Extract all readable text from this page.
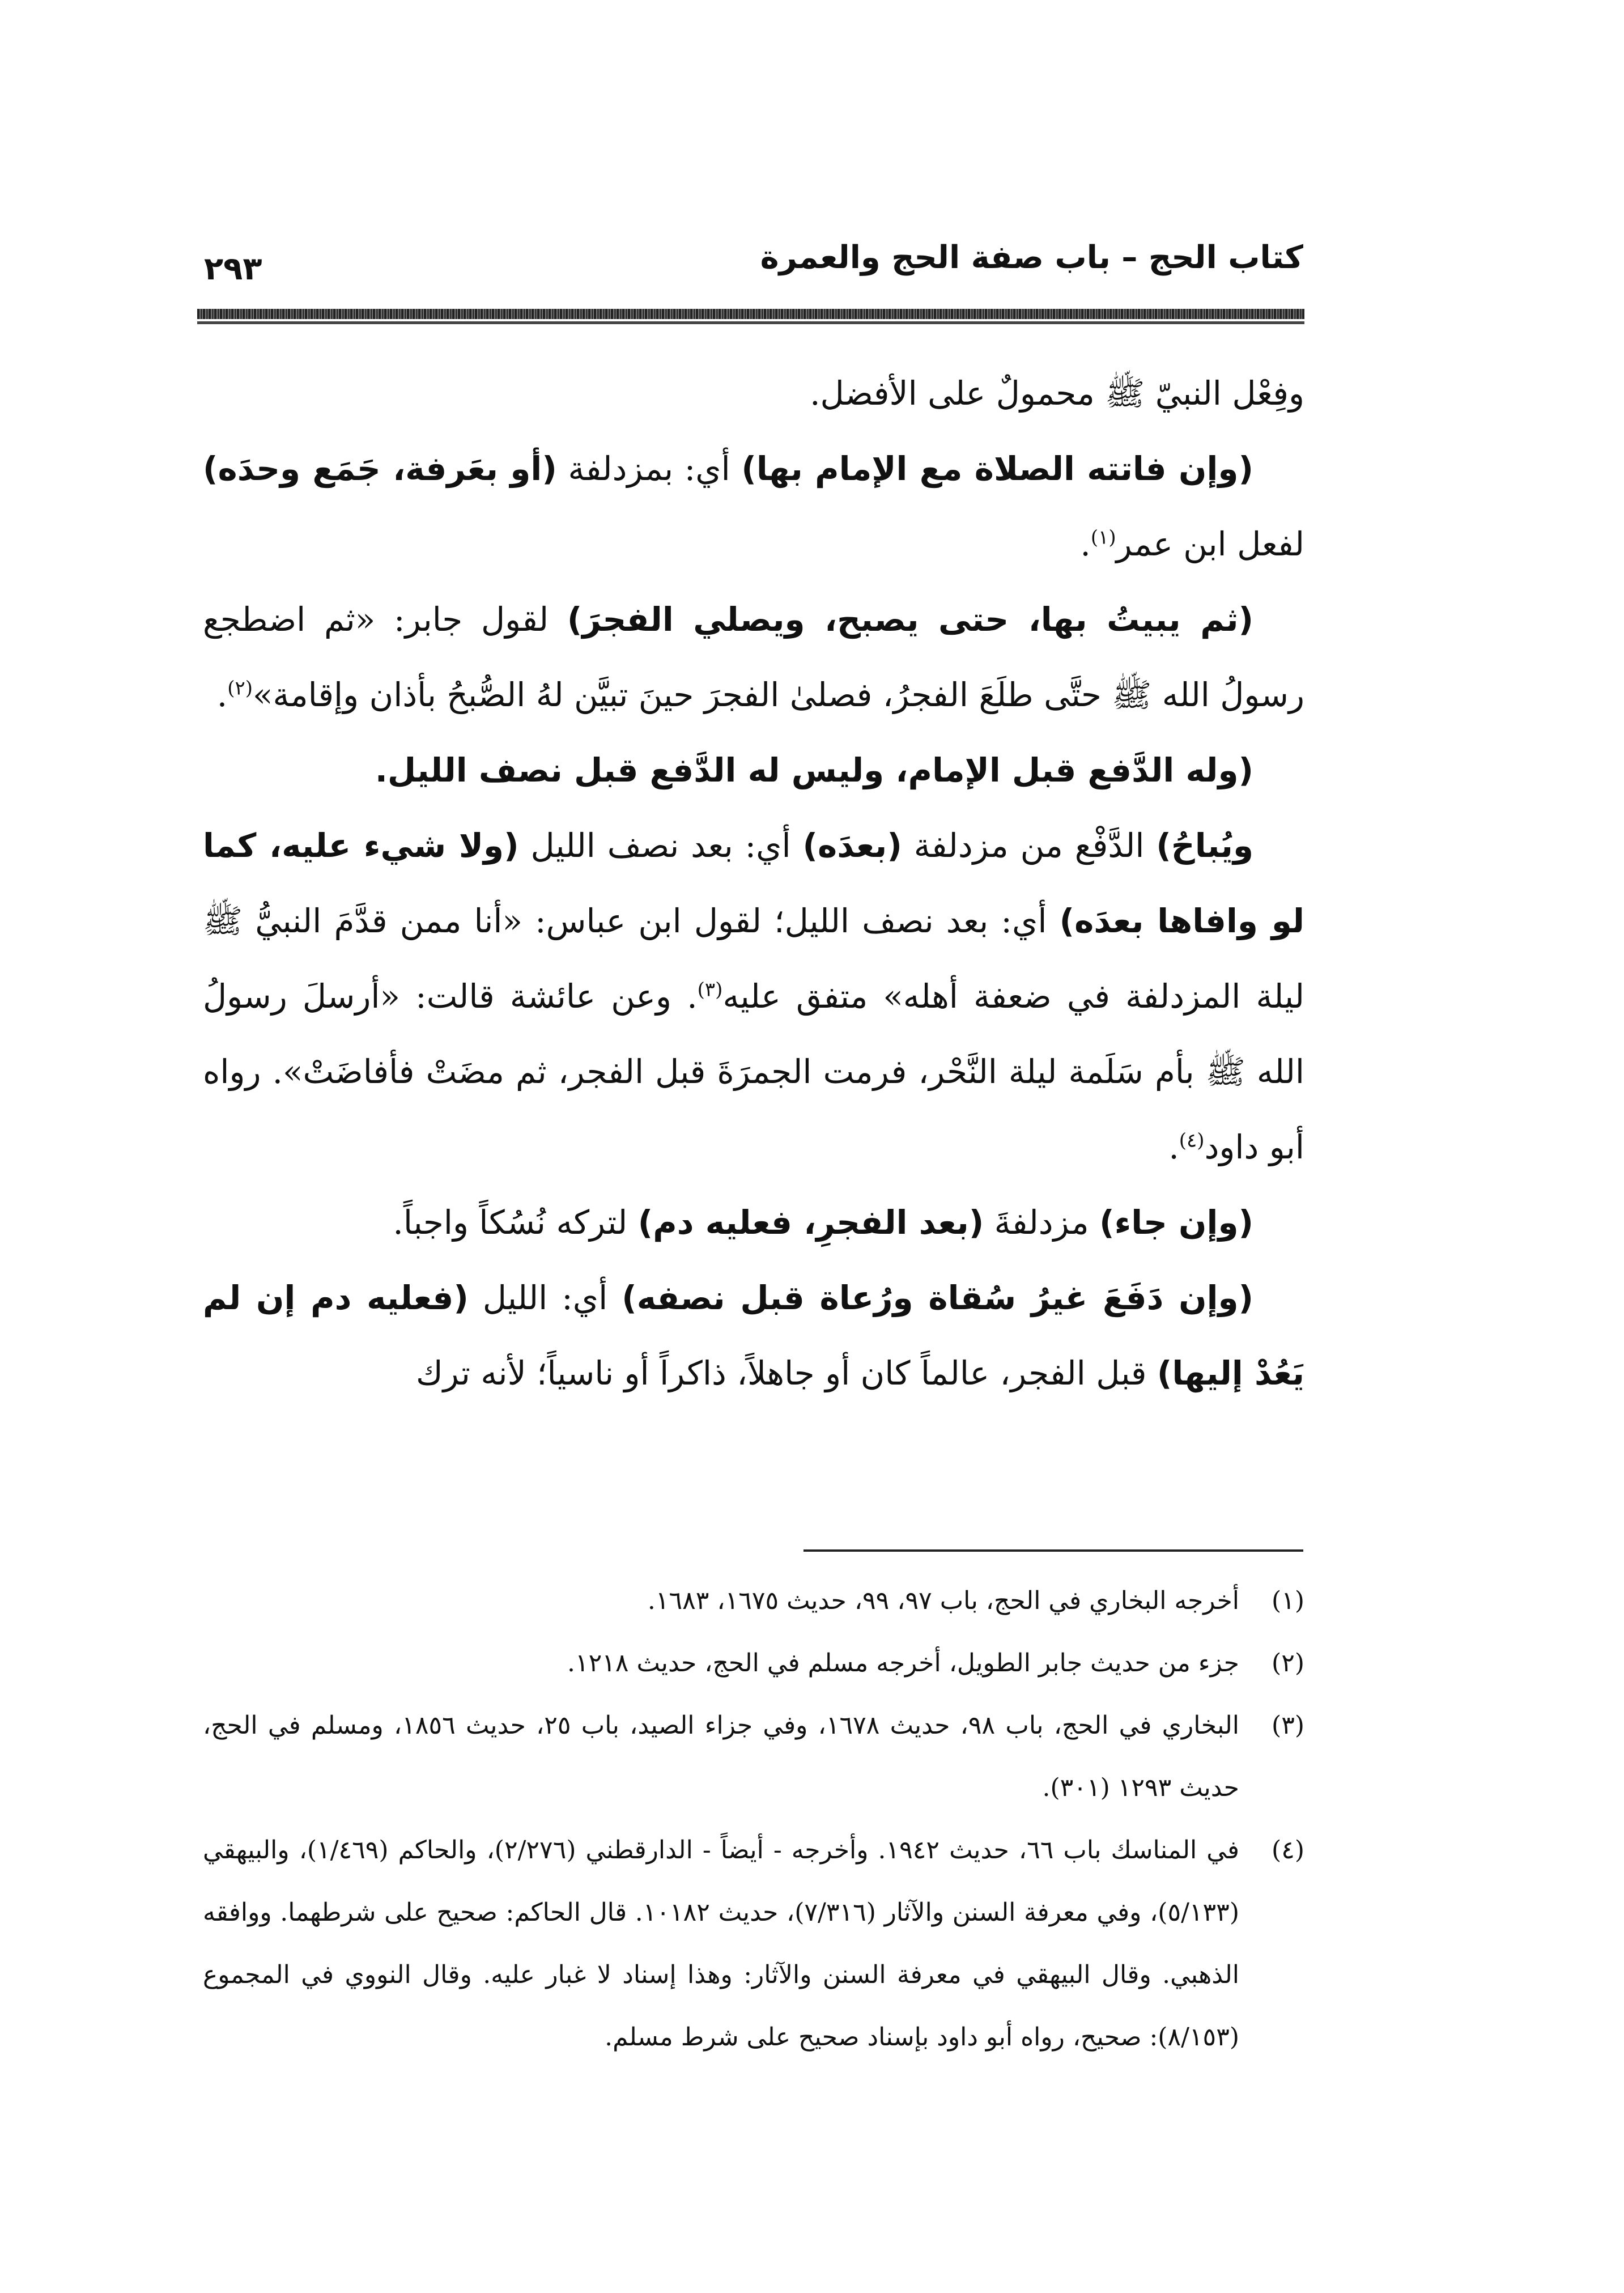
كتاب الحج – باب صفة الحج والعمرة
٢٩٣

وفِعْل النبيّ ﷺ محمولٌ على الأفضل.

(وإن فاتته الصلاة مع الإمام بها) أي: بمزدلفة (أو بعَرفة، جَمَع وحدَه) لفعل ابن عمر$^{(١)}$.

(ثم يبيتُ بها، حتى يصبح، ويصلي الفجرَ) لقول جابر: «ثم اضطجع رسولُ الله ﷺ حتَّى طلَعَ الفجرُ، فصلىٰ الفجرَ حينَ تبيَّن لهُ الصُّبحُ بأذان وإقامة»$^{(٢)}$.

(وله الدَّفع قبل الإمام، وليس له الدَّفع قبل نصف الليل.

ويُباحُ) الدَّفْع من مزدلفة (بعدَه) أي: بعد نصف الليل (ولا شيء عليه، كما لو وافاها بعدَه) أي: بعد نصف الليل؛ لقول ابن عباس: «أنا ممن قدَّمَ النبيُّ ﷺ ليلة المزدلفة في ضعفة أهله» متفق عليه$^{(٣)}$. وعن عائشة قالت: «أرسلَ رسولُ الله ﷺ بأم سَلَمة ليلة النَّحْر، فرمت الجمرَةَ قبل الفجر، ثم مضَتْ فأفاضَتْ». رواه أبو داود$^{(٤)}$.

(وإن جاء) مزدلفةَ (بعد الفجرِ، فعليه دم) لتركه نُسُكاً واجباً.

(وإن دَفَعَ غيرُ سُقاة ورُعاة قبل نصفه) أي: الليل (فعليه دم إن لم يَعُدْ إليها) قبل الفجر، عالماً كان أو جاهلاً، ذاكراً أو ناسياً؛ لأنه ترك

(١)أخرجه البخاري في الحج، باب ٩٧، ٩٩، حديث ١٦٧٥، ١٦٨٣.

(٢)جزء من حديث جابر الطويل، أخرجه مسلم في الحج، حديث ١٢١٨.

(٣)البخاري في الحج، باب ٩٨، حديث ١٦٧٨، وفي جزاء الصيد، باب ٢٥، حديث ١٨٥٦، ومسلم في الحج، حديث ١٢٩٣ (٣٠١).

(٤)في المناسك باب ٦٦، حديث ١٩٤٢. وأخرجه - أيضاً - الدارقطني (٢/٢٧٦)، والحاكم (١/٤٦٩)، والبيهقي (٥/١٣٣)، وفي معرفة السنن والآثار (٧/٣١٦)، حديث ١٠١٨٢. قال الحاكم: صحيح على شرطهما. ووافقه الذهبي. وقال البيهقي في معرفة السنن والآثار: وهذا إسناد لا غبار عليه. وقال النووي في المجموع (٨/١٥٣): صحيح، رواه أبو داود بإسناد صحيح على شرط مسلم.
